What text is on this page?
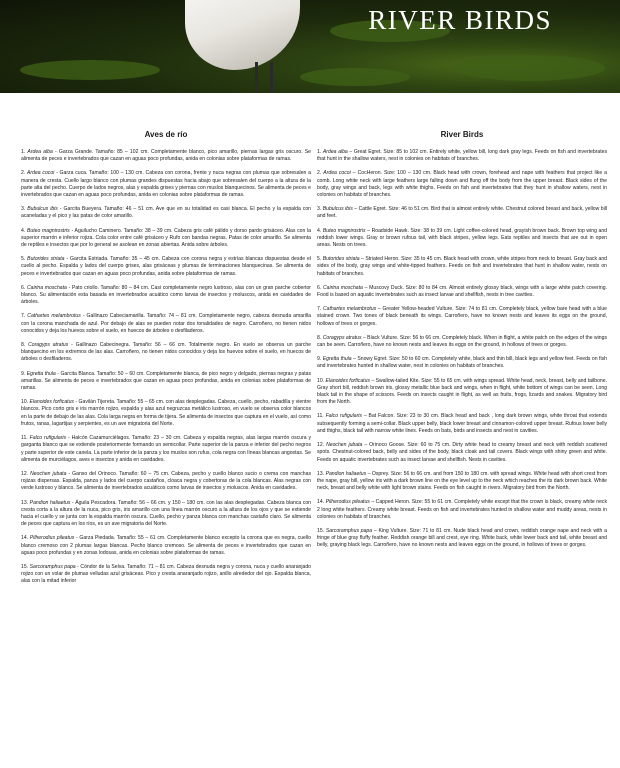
RIVER BIRDS
Aves de río

1. Ardea alba - Garza Grande. Tamaño: 85 – 102 cm. Completamente blanco, pico amarillo, piernas largas gris oscuro. Se alimenta de peces e invertebrados que cazan en aguas poco profundas, anida en colonias sobre plataformas de ramas.

2. Ardea cocoi - Garza cuca. Tamaño: 100 – 130 cm. Cabeza con corona, frente y nuca negras con plumas que sobresalen a manera de cresta. Cuello largo blanco con plumas grandes dispuestas hacia abajo que sobresalen del cuerpo a la altura de la parte alta del pecho. Cuerpo de lados negros, alas y espalda grises y piernas con muslos blanquecinos. Se alimenta de peces e invertebrados que cazan en aguas poco profundas, anida en colonias sobre plataformas de ramas.

3. Bubulcus ibis - Garcita Bueyera. Tamaño: 46 – 51 cm. Ave que en su totalidad es casi blanca. El pecho y la espalda con acaneladas y el pico y las patas de color amarillo.

4. Buteo magnirostris - Aguilucho Caminero. Tamaño: 38 – 39 cm. Cabeza gris café pálido y dorso pardo grisáceo. Alas con la superior marrón e inferior rojiza. Cola color entre café grisáceo y Rufo con bandas negras. Patas de color amarillo. Se alimenta de reptiles e insectos que por lo general se asolean en zonas abiertas. Anida sobre árboles.

5. Butorides striata - Garcita Estriada. Tamaño: 35 – 45 cm. Cabeza con corona negra y estrías blancas dispuestas desde el cuello al pecho. Espalda y lados del cuerpo grises, alas grisáceas y plumas de terminaciones blanquecinas. Se alimenta de peces e invertebrados que cazan en aguas poco profundas, anida sobre plataformas de ramas.

6. Cairina moschata - Pato criollo. Tamaño: 80 – 84 cm. Casi completamente negro lustroso, alas con un gran parche cobertor blanco. Su alimentación esta basada en invertebrados acuático como larvas de insectos y moluscos, anida en cavidades de árboles.

7. Cathartes melambrotus - Gallinazo Cabeciamarilla. Tamaño: 74 – 81 cm. Completamente negro, cabeza desnuda amarilla con la corona manchada de azul. Por debajo de alas se pueden notar dos tonalidades de negro. Carroñero, no tienen nidos conocidos y deja los huevos sobre el suelo, en huecos de árboles o desfiladeros.

8. Coragyps atratus - Gallinazo Cabecinegra. Tamaño: 56 – 66 cm. Totalmente negro. En vuelo se observa un parche blanquecino en los extremos de las alas. Carroñero, no tienen nidos conocidos y deja los huevos sobre el suelo, en huecos de árboles o desfiladeros.

9. Egretta thula - Garcita Blanca. Tamaño: 50 – 60 cm. Completamente blanca, de pico negro y delgado, piernas negras y patas amarillas. Se alimenta de peces e invertebrados que cazan en aguas poco profundas, anida en colonias sobre plataformas de ramas.

10. Elanoides forficatus - Gavilán Tijereta. Tamaño: 55 – 65 cm. con alas desplegadas. Cabeza, cuello, pecho, rabadilla y vientre blancos. Pico corto gris e iris marrón rojizo, espalda y alas azul negruzcas metálico lustroso, en vuelo se observa color blancos en la parte de debajo de las alas. Cola larga negra en forma de tijera. Se alimenta de insectos que captura en el vuelo, así como frutos, ranas, lagartijas y serpientes, es un ave migratoria del Norte.

11. Falco rufigularis - Halcón Cazamurciélagos. Tamaño: 23 – 30 cm. Cabeza y espalda negras, alas largas marrón oscura y garganta blanco que se extiende posteriormente formando un semicollar. Parte superior de la panza e inferior del pecho negros y parte superior de este canela. La parte inferior de la panza y los muslos son rufus, cola negra con líneas blancas angostas. Se alimenta de murciélagos, aves e insectos y anida en cavidades.

12. Neochen jubata - Ganso del Orinoco. Tamaño: 60 – 75 cm. Cabeza, pecho y cuello blanco sucio o crema con manchas rojizas dispersas. Espalda, panza y lados del cuerpo castaños, cloaca negra y cobertoras de la cola blancas. Alas negras con verde lustroso y blanco. Se alimenta de invertebrados acuáticos como larvas de insectos y moluscos. Anida en cavidades.

13. Pandion haliaetus - Águila Pescadora. Tamaño: 56 – 66 cm. y 150 – 180 cm. con las alas desplegadas. Cabeza blanca con cresta corta a la altura de la nuca, pico gris, iris amarillo con una línea marrón oscuro a la altura de los ojos y que se extiende hacia el cuello y se junta con la espalda marrón oscura. Cuello, pecho y panza blanca con manchas castaño claro. Se alimenta de peces que captura en los ríos, es un ave migratoria del Norte.

14. Pilherodius pileatus - Garza Piedada. Tamaño: 55 – 61 cm. Completamente blanco excepto la corona que es negra, cuello blanco cremoso con 2 plumas largas blancas. Pecho blanco cremoso. Se alimenta de peces e invertebrados que cazan en aguas poco profundas y en zonas lodosas, anida en colonias sobre plataformas de ramas.

15. Sarcoramphus papa - Cóndor de la Selva. Tamaño: 71 – 81 cm. Cabeza desnuda negra y corona, nuca y cuello anaranjado rojizo con un volar de plumas velludas azul grisáceas. Pico y cresta anaranjado rojizo, anillo alrededor del ojo. Espalda blanca, alas con la mitad inferior

River Birds

1. Ardea alba – Great Egret. Size: 85 to 102 cm. Entirely white, yellow bill, long dark gray legs. Feeds on fish and invertebrates that hunt in the shallow waters, nest in colonies on habitats of branches.

2. Ardea cocoi – CocHeron. Size: 100 – 130 cm. Black head with crown, forehead and nape with feathers that project like a comb. Long white neck with large feathers large falling down and flung off the body from the upper breast. Black sides of the body, gray wings and back, legs with white thighs. Feeds on fish and invertebrates that they hunt in shallow waters, nest in colonies on habitats of branches.

3. Bubulcus ibis – Cattle Egret. Size: 46 to 51 cm. Bird that is almost entirely white. Chestnut colored breast and back, yellow bill and feet.

4. Buteo magnirostris – Roadside Hawk. Size: 38 to 39 cm. Light coffee-colored head, grayish brown back. Brown top wing and reddish lower wings. Gray or brown rufous tail, with black stripes, yellow legs. Eats reptiles and insects that are out in open areas. Nests on trees.

5. Butorides striata – Striated Heron. Size: 35 to 45 cm. Black head with crown, white stripes from neck to breast. Gray back and sides of the body, gray wings and white-tipped feathers. Feeds on fish and invertebrates that hunt in shallow water, nests on habitats of branches.

6. Cairina moschata – Muscovy Duck. Size: 80 to 84 cm. Almost entirely glossy black, wings with a large white patch covering. Food is based on aquatic invertebrates such as insect larvae and shellfish, nests in tree cavities.

7. Cathartes melambrotus – Greater Yellow-headed Vulture. Size: 74 to 81 cm. Completely black, yellow bare head with a blue stained crown. Two tones of black beneath its wings. Carroñero, have no known nests and leaves its eggs on the ground, hollows of trees or gorges.

8. Coragyps atratus – Black Vulture. Size: 56 to 66 cm. Completely black. When in flight, a white patch on the edges of the wings can be seen. Carroñero, have no known nests and leaves its eggs on the ground, in hollows of trees or gorges.

9. Egretta thula – Snowy Egret. Size: 50 to 60 cm. Completely white, black and thin bill, black legs and yellow feet. Feeds on fish and invertebrates hunted in shallow water, nest in colonies on habitats of branches.

10. Elanoides forficatus – Swallow-tailed Kite. Size: 55 to 65 cm. with wings spread. White head, neck, breast, belly and tailbone. Gray short bill, reddish brown iris, glossy metallic blue back and wings, when in flight, white bottom of wings can be seen. Long black tail in the shape of scissors. Feeds on insects caught in flight, as well as fruits, frogs, lizards and snakes. Migratory bird from the North.

11. Falco rufigularis – Bat Falcon. Size: 23 to 30 cm. Black head and back , long dark brown wings, white throat that extends subsequently forming a semi-collar. Black upper belly, black lower breast and cinnamon-colored upper breast. Rufous lower belly and thighs, black tail with narrow white lines. Feeds on bats, birds and insects and nest in cavities.

12. Neochen jubata – Orinoco Goose. Size: 60 to 75 cm. Dirty white head to creamy breast and neck with reddish scattered spots. Chestnut-colored back, belly and sides of the body, black cloak and tail covers. Black wings with shiny green and white. Feeds on aquatic invertebrates such as insect larvae and shellfish. Nests in cavities.

13. Pandion haliaetus – Osprey. Size: 56 to 66 cm. and from 150 to 180 cm. with spread wings. White head with short crest from the nape, gray bill, yellow iris with a dark brown line on the eye level up to the neck which reaches the its dark brown back. White neck, breast and belly white with light brown stains. Feeds on fish caught in rivers. Migratory bird from the North.

14. Pilherodius pileatus – Capped Heron. Size: 55 to 61 cm. Completely white except that the crown is black, creamy white neck 2 long white feathers. Creamy white breast. Feeds on fish and invertebrates hunted in shallow water and muddy areas, nests in colonies on habitats of branches.

15. Sarcoramphus papa – King Vulture. Size: 71 to 81 cm. Nude black head and crown, reddish orange nape and neck with a fringe of blue gray fluffy feather. Reddish orange bill and crest, eye ring. White back, white lower back and tail, white breast and belly, graying black legs. Carroñero, have no known nests and leaves eggs on the ground, in hollows of trees or gorges.
